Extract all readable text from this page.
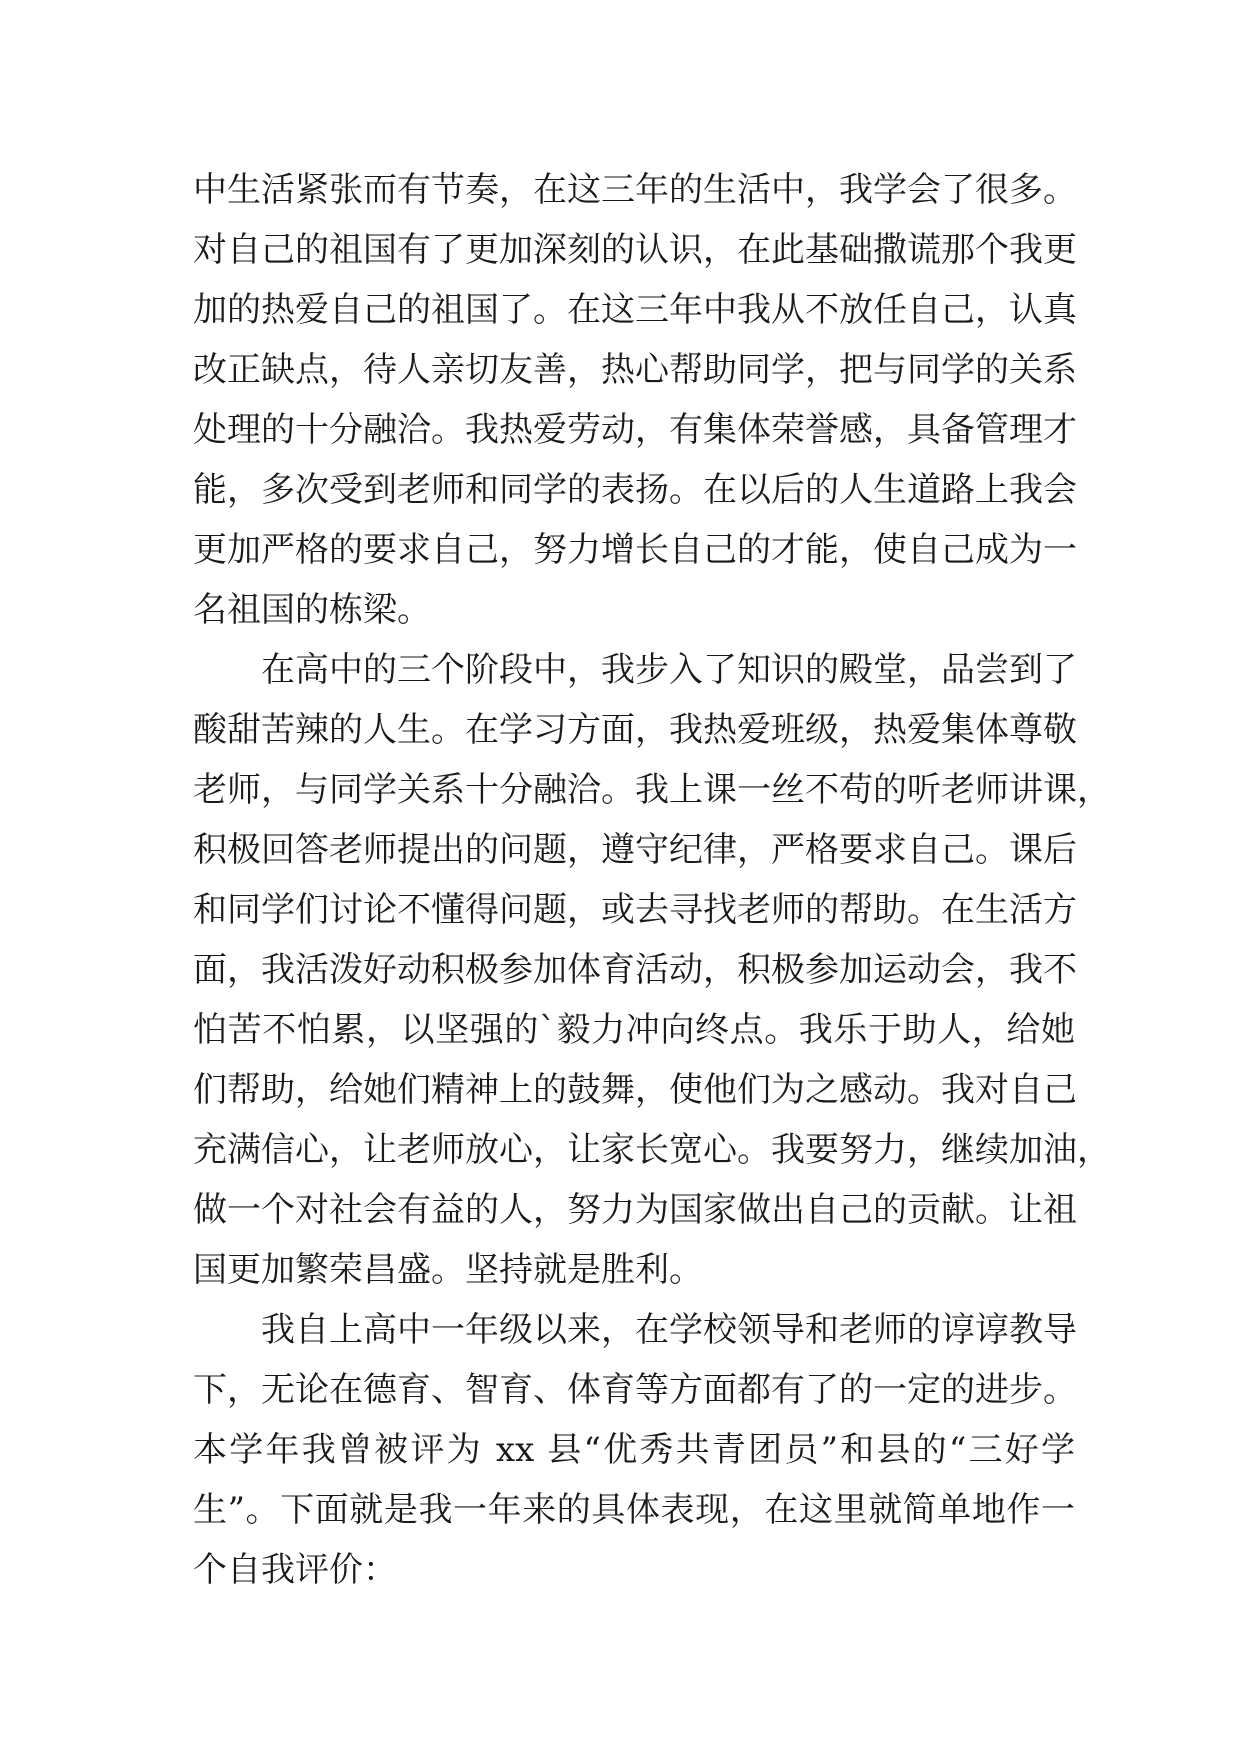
中生活紧张而有节奏，在这三年的生活中，我学会了很多。
对自己的祖国有了更加深刻的认识，在此基础撒谎那个我更
加的热爱自己的祖国了。在这三年中我从不放任自己，认真
改正缺点，待人亲切友善，热心帮助同学，把与同学的关系
处理的十分融洽。我热爱劳动，有集体荣誉感，具备管理才
能，多次受到老师和同学的表扬。在以后的人生道路上我会
更加严格的要求自己，努力增长自己的才能，使自己成为一
名祖国的栋梁。
在高中的三个阶段中，我步入了知识的殿堂，品尝到了
酸甜苦辣的人生。在学习方面，我热爱班级，热爱集体尊敬
老师，与同学关系十分融洽。我上课一丝不苟的听老师讲课，
积极回答老师提出的问题，遵守纪律，严格要求自己。课后
和同学们讨论不懂得问题，或去寻找老师的帮助。在生活方
面，我活泼好动积极参加体育活动，积极参加运动会，我不
怕苦不怕累，以坚强的`毅力冲向终点。我乐于助人，给她
们帮助，给她们精神上的鼓舞，使他们为之感动。我对自己
充满信心，让老师放心，让家长宽心。我要努力，继续加油，
做一个对社会有益的人，努力为国家做出自己的贡献。让祖
国更加繁荣昌盛。坚持就是胜利。
我自上高中一年级以来，在学校领导和老师的谆谆教导
下，无论在德育、智育、体育等方面都有了的一定的进步。
本学年我曾被评为 xx 县“优秀共青团员”和县的“三好学
生”。下面就是我一年来的具体表现，在这里就简单地作一
个自我评价：
